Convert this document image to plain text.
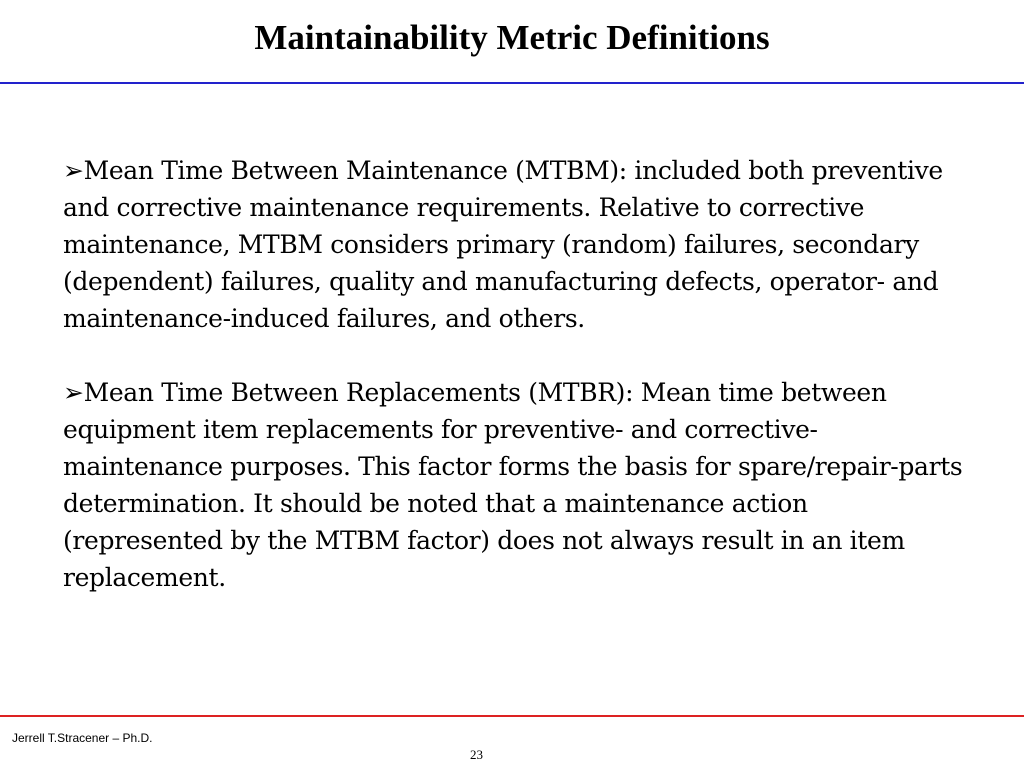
Maintainability Metric Definitions

➢Mean Time Between Maintenance (MTBM): included both preventive and corrective maintenance requirements. Relative to corrective maintenance, MTBM considers primary (random) failures, secondary (dependent) failures, quality and manufacturing defects, operator- and maintenance-induced failures, and others.

➢Mean Time Between Replacements (MTBR): Mean time between equipment item replacements for preventive- and corrective-maintenance purposes. This factor forms the basis for spare/repair-parts determination. It should be noted that a maintenance action (represented by the MTBM factor) does not always result in an item replacement.

Jerrell T.Stracener – Ph.D.
23
